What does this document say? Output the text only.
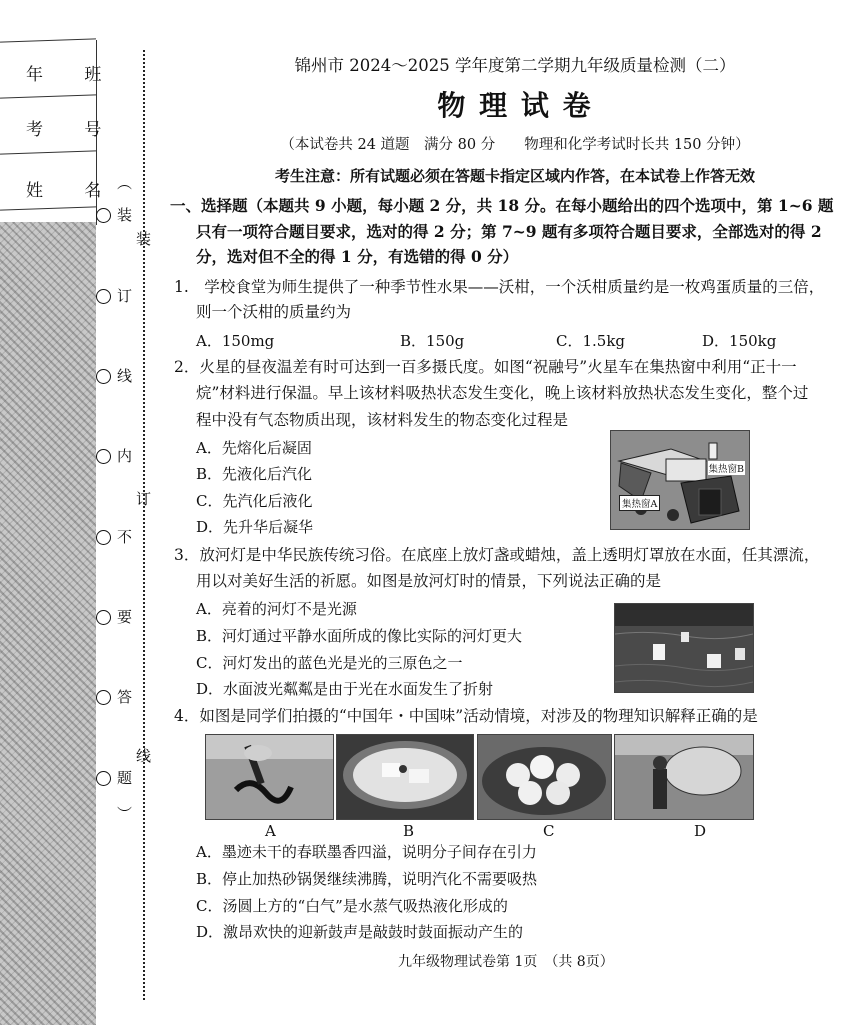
年 班
考 号
姓 名
︵
装
订
线
内
不
要
答
题
︶
装
订
线
锦州市 2024～2025 学年度第二学期九年级质量检测（二）
物 理 试 卷
（本试卷共 24 道题　满分 80 分　　物理和化学考试时长共 150 分钟）
考生注意：所有试题必须在答题卡指定区域内作答，在本试卷上作答无效
一、选择题（本题共 9 小题，每小题 2 分，共 18 分。在每小题给出的四个选项中，第 1~6 题
只有一项符合题目要求，选对的得 2 分；第 7~9 题有多项符合题目要求，全部选对的得 2
分，选对但不全的得 1 分，有选错的得 0 分）
1.　学校食堂为师生提供了一种季节性水果——沃柑，一个沃柑质量约是一枚鸡蛋质量的三倍，
则一个沃柑的质量约为
A．150mg	B．150g	C．1.5kg	D．150kg
2．火星的昼夜温差有时可达到一百多摄氏度。如图“祝融号”火星车在集热窗中利用“正十一
烷”材料进行保温。早上该材料吸热状态发生变化，晚上该材料放热状态发生变化，整个过
程中没有气态物质出现，该材料发生的物态变化过程是
A．先熔化后凝固
B．先液化后汽化
C．先汽化后液化
D．先升华后凝华
集热窗B
集热窗A
3．放河灯是中华民族传统习俗。在底座上放灯盏或蜡烛，盖上透明灯罩放在水面，任其漂流，
用以对美好生活的祈愿。如图是放河灯时的情景，下列说法正确的是
A．亮着的河灯不是光源
B．河灯通过平静水面所成的像比实际的河灯更大
C．河灯发出的蓝色光是光的三原色之一
D．水面波光粼粼是由于光在水面发生了折射
4．如图是同学们拍摄的“中国年・中国味”活动情境，对涉及的物理知识解释正确的是
A	B	C	D
A．墨迹未干的春联墨香四溢，说明分子间存在引力
B．停止加热砂锅煲继续沸腾，说明汽化不需要吸热
C．汤圆上方的“白气”是水蒸气吸热液化形成的
D．激昂欢快的迎新鼓声是敲鼓时鼓面振动产生的
九年级物理试卷第 1页　（共 8页）
